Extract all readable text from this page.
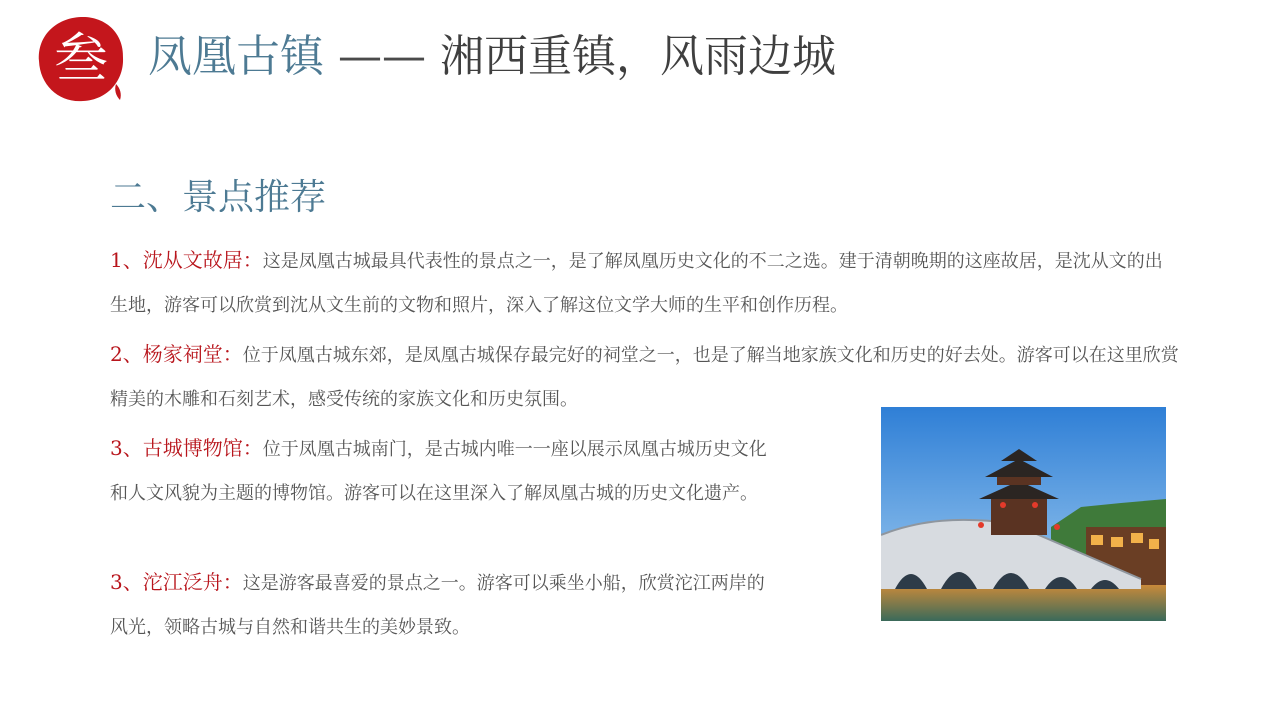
叁 凤凰古镇 —— 湘西重镇，风雨边城
二、景点推荐

1、沈从文故居：这是凤凰古城最具代表性的景点之一，是了解凤凰历史文化的不二之选。建于清朝晚期的这座故居，是沈从文的出生地，游客可以欣赏到沈从文生前的文物和照片，深入了解这位文学大师的生平和创作历程。

2、杨家祠堂：位于凤凰古城东郊，是凤凰古城保存最完好的祠堂之一，也是了解当地家族文化和历史的好去处。游客可以在这里欣赏精美的木雕和石刻艺术，感受传统的家族文化和历史氛围。

3、古城博物馆：位于凤凰古城南门，是古城内唯一一座以展示凤凰古城历史文化和人文风貌为主题的博物馆。游客可以在这里深入了解凤凰古城的历史文化遗产。

3、沱江泛舟：这是游客最喜爱的景点之一。游客可以乘坐小船，欣赏沱江两岸的风光，领略古城与自然和谐共生的美妙景致。
